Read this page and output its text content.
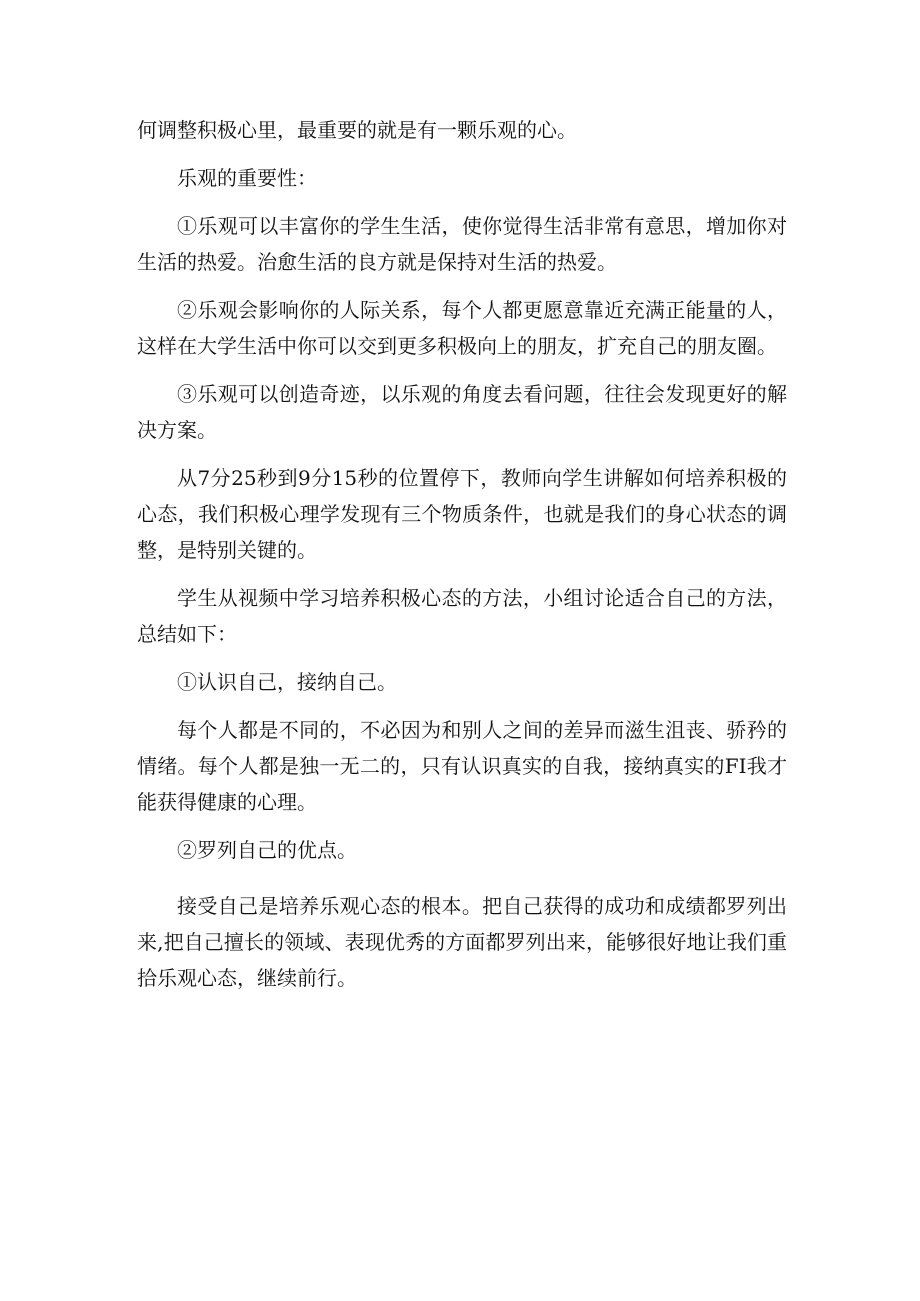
何调整积极心里，最重要的就是有一颗乐观的心。

乐观的重要性：

①乐观可以丰富你的学生生活，使你觉得生活非常有意思，增加你对生活的热爱。治愈生活的良方就是保持对生活的热爱。

②乐观会影响你的人际关系，每个人都更愿意靠近充满正能量的人，这样在大学生活中你可以交到更多积极向上的朋友，扩充自己的朋友圈。

③乐观可以创造奇迹，以乐观的角度去看问题，往往会发现更好的解决方案。

从7分25秒到9分15秒的位置停下，教师向学生讲解如何培养积极的心态，我们积极心理学发现有三个物质条件，也就是我们的身心状态的调整，是特别关键的。

学生从视频中学习培养积极心态的方法，小组讨论适合自己的方法，总结如下：

①认识自己，接纳自己。

每个人都是不同的，不必因为和别人之间的差异而滋生沮丧、骄矜的情绪。每个人都是独一无二的，只有认识真实的自我，接纳真实的FI我才能获得健康的心理。

②罗列自己的优点。

接受自己是培养乐观心态的根本。把自己获得的成功和成绩都罗列出来,把自己擅长的领域、表现优秀的方面都罗列出来，能够很好地让我们重拾乐观心态，继续前行。
